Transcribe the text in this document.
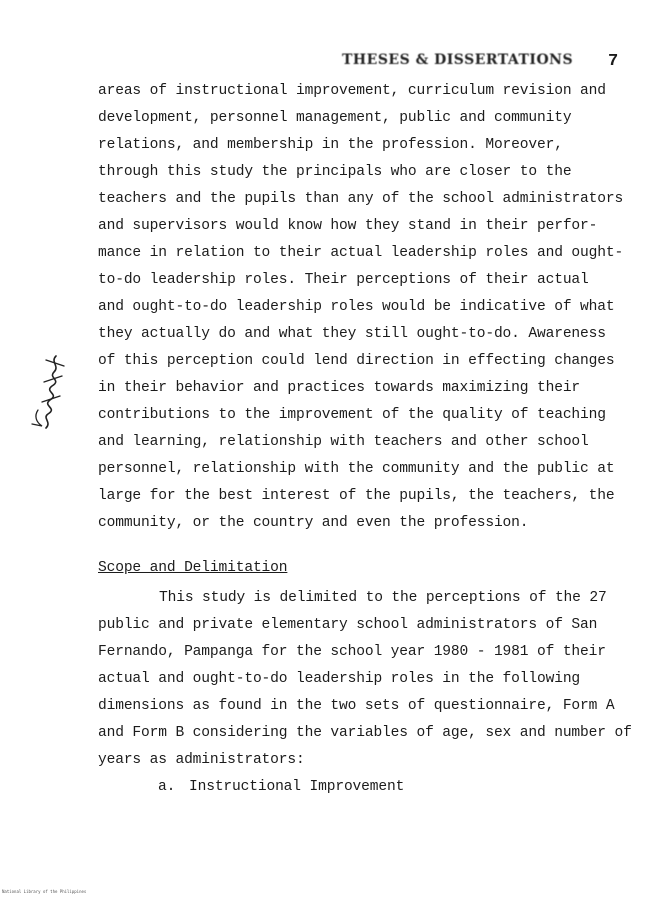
THESES & DISSERTATIONS 7
areas of instructional improvement, curriculum revision and
development, personnel management, public and community
relations, and membership in the profession. Moreover,
through this study the principals who are closer to the
teachers and the pupils than any of the school administrators
and supervisors would know how they stand in their perfor-
mance in relation to their actual leadership roles and ought-
to-do leadership roles. Their perceptions of their actual
and ought-to-do leadership roles would be indicative of what
they actually do and what they still ought-to-do. Awareness
of this perception could lend direction in effecting changes
in their behavior and practices towards maximizing their
contributions to the improvement of the quality of teaching
and learning, relationship with teachers and other school
personnel, relationship with the community and the public at
large for the best interest of the pupils, the teachers, the
community, or the country and even the profession.
Scope and Delimitation
This study is delimited to the perceptions of the 27
public and private elementary school administrators of San
Fernando, Pampanga for the school year 1980 - 1981 of their
actual and ought-to-do leadership roles in the following
dimensions as found in the two sets of questionnaire, Form A
and Form B considering the variables of age, sex and number of
years as administrators:
a. Instructional Improvement
National Library of the Philippines
